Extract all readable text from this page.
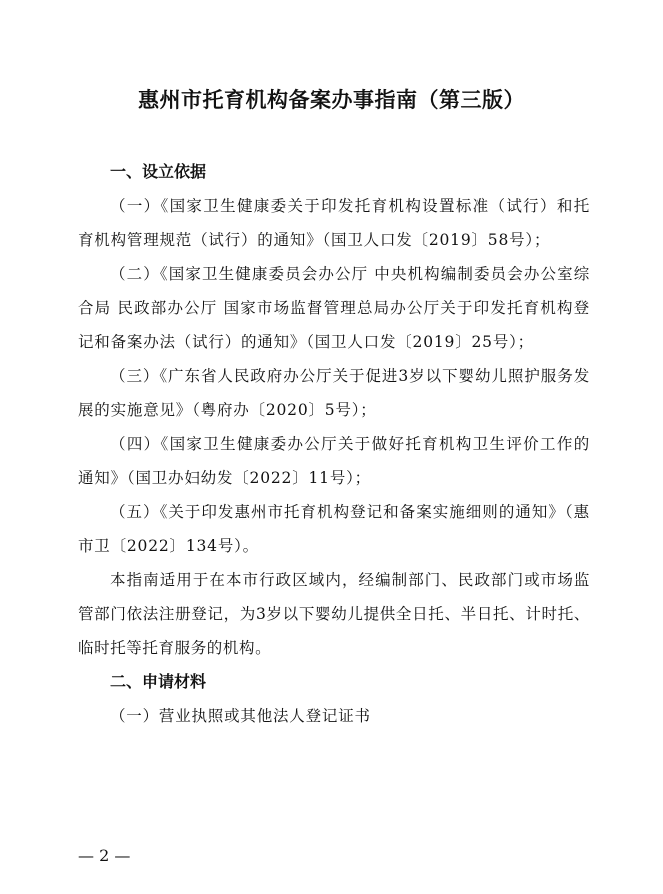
惠州市托育机构备案办事指南（第三版）

一、设立依据

（一）《国家卫生健康委关于印发托育机构设置标准（试行）和托育机构管理规范（试行）的通知》（国卫人口发〔2019〕58号）；

（二）《国家卫生健康委员会办公厅 中央机构编制委员会办公室综合局 民政部办公厅 国家市场监督管理总局办公厅关于印发托育机构登记和备案办法（试行）的通知》（国卫人口发〔2019〕25号）；

（三）《广东省人民政府办公厅关于促进3岁以下婴幼儿照护服务发展的实施意见》（粤府办〔2020〕5号）；

（四）《国家卫生健康委办公厅关于做好托育机构卫生评价工作的通知》（国卫办妇幼发〔2022〕11号）；

（五）《关于印发惠州市托育机构登记和备案实施细则的通知》（惠市卫〔2022〕134号）。

本指南适用于在本市行政区域内，经编制部门、民政部门或市场监管部门依法注册登记，为3岁以下婴幼儿提供全日托、半日托、计时托、临时托等托育服务的机构。

二、申请材料

（一）营业执照或其他法人登记证书

— 2 —
